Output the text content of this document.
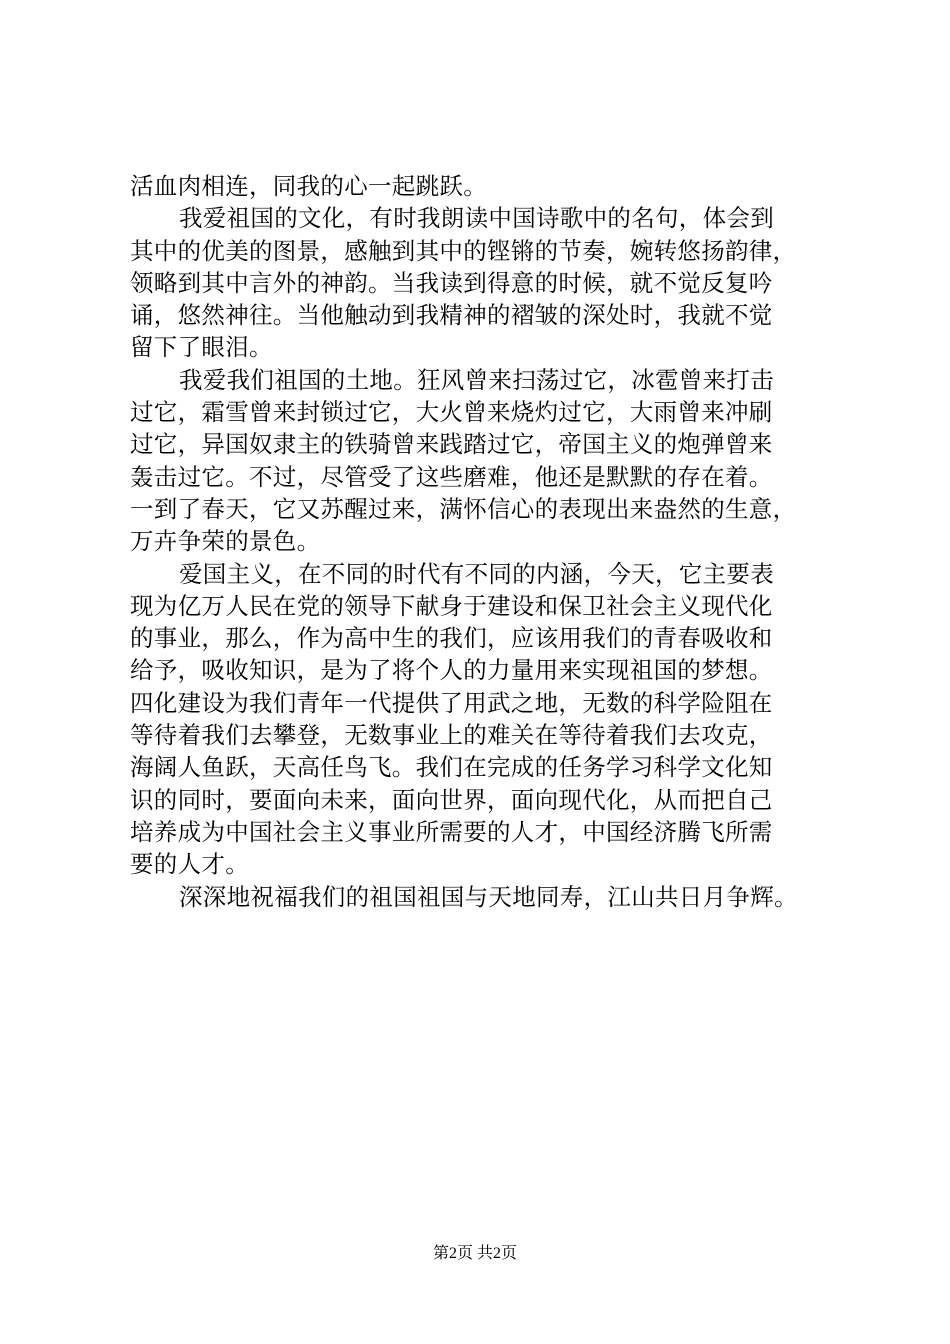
活血肉相连，同我的心一起跳跃。
我爱祖国的文化，有时我朗读中国诗歌中的名句，体会到
其中的优美的图景，感触到其中的铿锵的节奏，婉转悠扬韵律，
领略到其中言外的神韵。当我读到得意的时候，就不觉反复吟
诵，悠然神往。当他触动到我精神的褶皱的深处时，我就不觉
留下了眼泪。
我爱我们祖国的土地。狂风曾来扫荡过它，冰雹曾来打击
过它，霜雪曾来封锁过它，大火曾来烧灼过它，大雨曾来冲刷
过它，异国奴隶主的铁骑曾来践踏过它，帝国主义的炮弹曾来
轰击过它。不过，尽管受了这些磨难，他还是默默的存在着。
一到了春天，它又苏醒过来，满怀信心的表现出来盎然的生意，
万卉争荣的景色。
爱国主义，在不同的时代有不同的内涵，今天，它主要表
现为亿万人民在党的领导下献身于建设和保卫社会主义现代化
的事业，那么，作为高中生的我们，应该用我们的青春吸收和
给予，吸收知识，是为了将个人的力量用来实现祖国的梦想。
四化建设为我们青年一代提供了用武之地，无数的科学险阻在
等待着我们去攀登，无数事业上的难关在等待着我们去攻克，
海阔人鱼跃，天高任鸟飞。我们在完成的任务学习科学文化知
识的同时，要面向未来，面向世界，面向现代化，从而把自己
培养成为中国社会主义事业所需要的人才，中国经济腾飞所需
要的人才。
深深地祝福我们的祖国祖国与天地同寿，江山共日月争辉。
第2页 共2页
